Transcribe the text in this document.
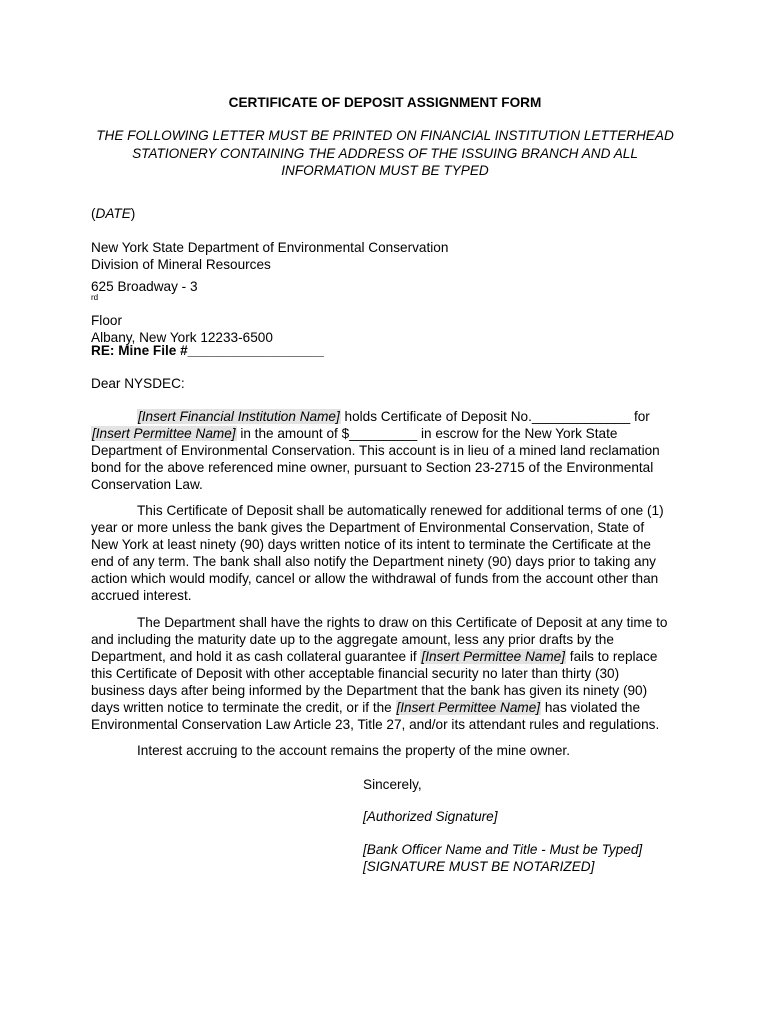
CERTIFICATE OF DEPOSIT ASSIGNMENT FORM
THE FOLLOWING LETTER MUST BE PRINTED ON FINANCIAL INSTITUTION LETTERHEAD
STATIONERY CONTAINING THE ADDRESS OF THE ISSUING BRANCH AND ALL
INFORMATION MUST BE TYPED
(DATE)
New York State Department of Environmental Conservation
Division of Mineral Resources
625 Broadway - 3
$^{rd}$
Floor
Albany, New York 12233-6500
RE: Mine File #__________________
Dear NYSDEC:
[Insert Financial Institution Name] holds Certificate of Deposit No._____________ for
[Insert Permittee Name] in the amount of $_________ in escrow for the New York State
Department of Environmental Conservation. This account is in lieu of a mined land reclamation
bond for the above referenced mine owner, pursuant to Section 23-2715 of the Environmental
Conservation Law.
This Certificate of Deposit shall be automatically renewed for additional terms of one (1)
year or more unless the bank gives the Department of Environmental Conservation, State of
New York at least ninety (90) days written notice of its intent to terminate the Certificate at the
end of any term. The bank shall also notify the Department ninety (90) days prior to taking any
action which would modify, cancel or allow the withdrawal of funds from the account other than
accrued interest.
The Department shall have the rights to draw on this Certificate of Deposit at any time to
and including the maturity date up to the aggregate amount, less any prior drafts by the
Department, and hold it as cash collateral guarantee if [Insert Permittee Name] fails to replace
this Certificate of Deposit with other acceptable financial security no later than thirty (30)
business days after being informed by the Department that the bank has given its ninety (90)
days written notice to terminate the credit, or if the [Insert Permittee Name] has violated the
Environmental Conservation Law Article 23, Title 27, and/or its attendant rules and regulations.
Interest accruing to the account remains the property of the mine owner.
Sincerely,
[Authorized Signature]
[Bank Officer Name and Title - Must be Typed]
[SIGNATURE MUST BE NOTARIZED]
